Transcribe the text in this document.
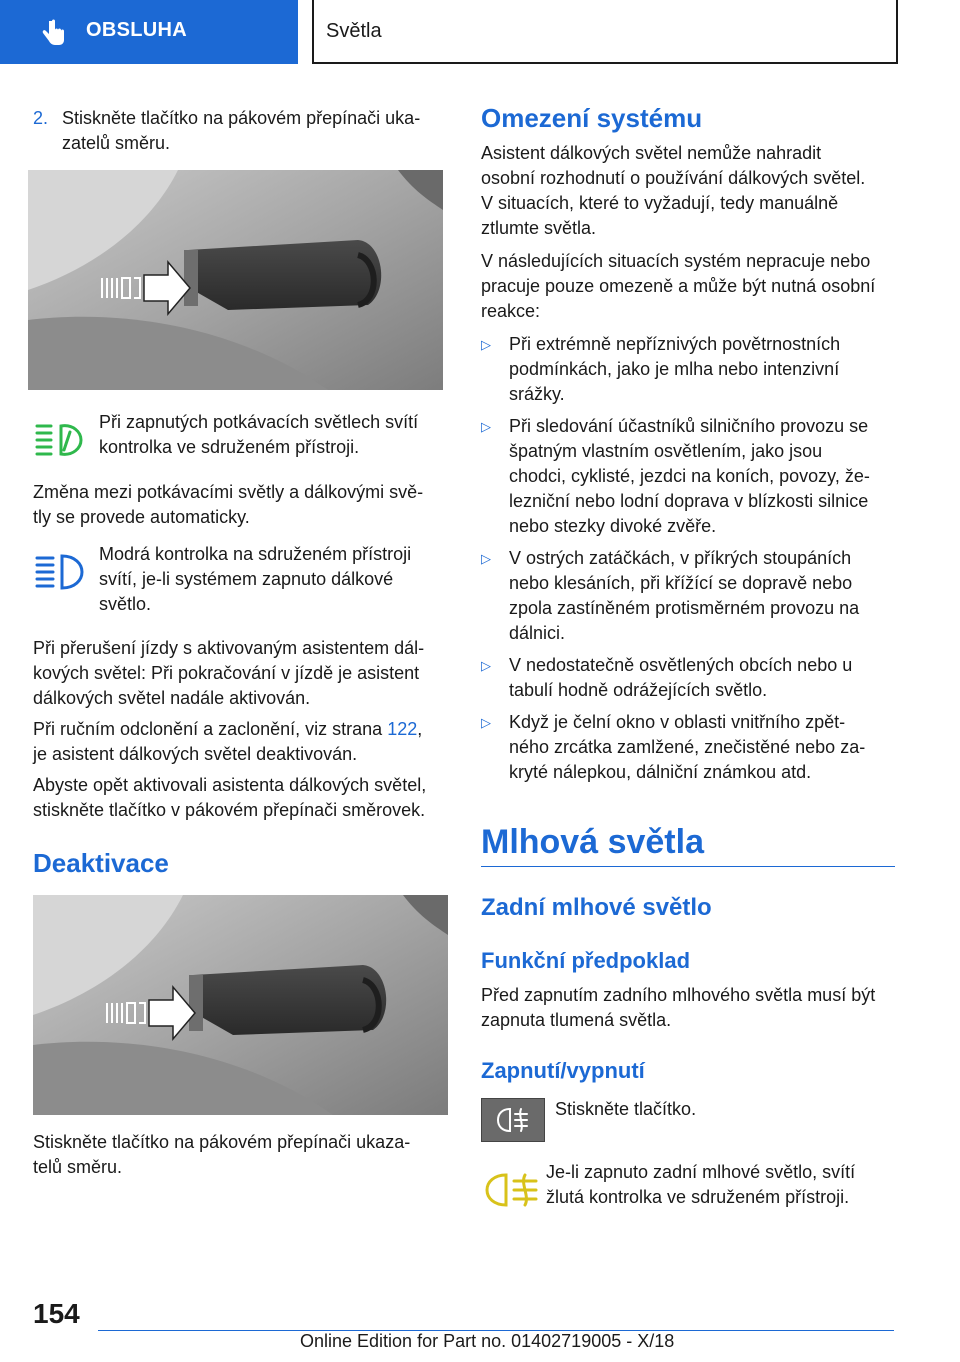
OBSLUHA	Světla
2. Stiskněte tlačítko na pákovém přepínači uka-
zatelů směru.
Při zapnutých potkávacích světlech svítí
kontrolka ve sdruženém přístroji.
Změna mezi potkávacími světly a dálkovými svě-
tly se provede automaticky.
Modrá kontrolka na sdruženém přístroji
svítí, je-li systémem zapnuto dálkové
světlo.
Při přerušení jízdy s aktivovaným asistentem dál-
kových světel: Při pokračování v jízdě je asistent
dálkových světel nadále aktivován.
Při ručním odclonění a zaclonění, viz strana 122,
je asistent dálkových světel deaktivován.
Abyste opět aktivovali asistenta dálkových světel,
stiskněte tlačítko v pákovém přepínači směrovek.
Deaktivace
Stiskněte tlačítko na pákovém přepínači ukaza-
telů směru.
Omezení systému
Asistent dálkových světel nemůže nahradit
osobní rozhodnutí o používání dálkových světel.
V situacích, které to vyžadují, tedy manuálně
ztlumte světla.
V následujících situacích systém nepracuje nebo
pracuje pouze omezeně a může být nutná osobní
reakce:
▷ Při extrémně nepříznivých povětrnostních
podmínkách, jako je mlha nebo intenzivní
srážky.
▷ Při sledování účastníků silničního provozu se
špatným vlastním osvětlením, jako jsou
chodci, cyklisté, jezdci na koních, povozy, že-
lezniční nebo lodní doprava v blízkosti silnice
nebo stezky divoké zvěře.
▷ V ostrých zatáčkách, v příkrých stoupáních
nebo klesáních, při křížící se dopravě nebo
zpola zastíněném protisměrném provozu na
dálnici.
▷ V nedostatečně osvětlených obcích nebo u
tabulí hodně odrážejících světlo.
▷ Když je čelní okno v oblasti vnitřního zpět-
ného zrcátka zamlžené, znečistěné nebo za-
kryté nálepkou, dálniční známkou atd.
Mlhová světla
Zadní mlhové světlo
Funkční předpoklad
Před zapnutím zadního mlhového světla musí být
zapnuta tlumená světla.
Zapnutí/vypnutí
Stiskněte tlačítko.
Je-li zapnuto zadní mlhové světlo, svítí
žlutá kontrolka ve sdruženém přístroji.
154
Online Edition for Part no. 01402719005 - X/18
